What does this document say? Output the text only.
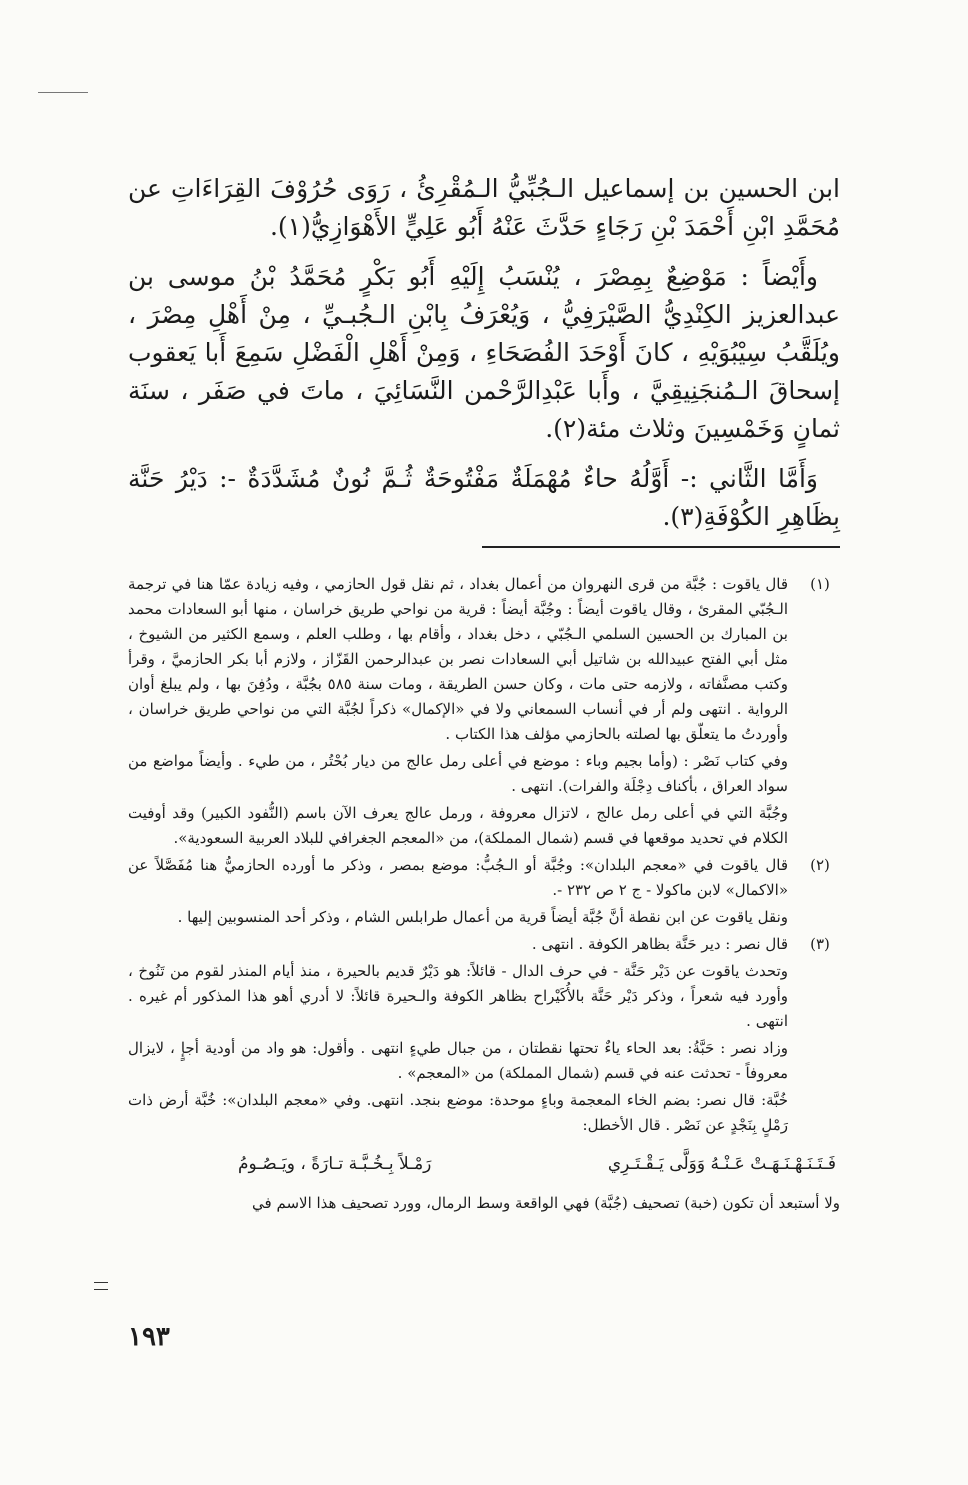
ابن الحسين بن إسماعيل الـجُبِّيُّ الـمُقْرِئُ ، رَوَى حُرُوْفَ القِرَاءَاتِ عن مُحَمَّدِ ابْنِ أَحْمَدَ بْنِ رَجَاءٍ حَدَّثَ عَنْهُ أَبُو عَلِيٍّ الأَهْوَازِيُّ(١).

وأَيْضاً : مَوْضِعٌ بِمِصْرَ ، يُنْسَبُ إِلَيْهِ أَبُو بَكْرٍ مُحَمَّدُ بْنُ موسى بن عبدالعزيز الكِنْدِيُّ الصَّيْرَفِيُّ ، وَيُعْرَفُ بِابْنِ الـجُبـيِّ ، مِنْ أَهْلِ مِصْرَ ، ويُلَقَّبُ سِيْبُوَيْهِ ، كانَ أَوْحَدَ الفُصَحَاءِ ، وَمِنْ أَهْلِ الْفَضْلِ سَمِعَ أَبا يَعقوب إسحاقَ الـمُنجَنِيقِيَّ ، وأَبا عَبْدِالرَّحْمن النَّسَائِيَ ، ماتَ في صَفَر ، سنَة ثمانٍ وَخَمْسِينَ وثلاث مئة(٢).

وَأَمَّا الثَّاني :- أَوَّلُهُ حاءٌ مُهْمَلَةٌ مَفْتُوحَةٌ ثُـمَّ نُونٌ مُشَدَّدَةٌ -: دَيْرُ حَنَّة بِظَاهِرِ الكُوْفَةِ(٣).

(١)

قال ياقوت : جُبَّة من قرى النهروان من أعمال بغداد ، ثم نقل قول الحازمي ، وفيه زيادة عمّا هنا في ترجمة الـجُبّي المقرئ ، وقال ياقوت أيضاً : وجُبَّة أيضاً : قرية من نواحي طريق خراسان ، منها أبو السعادات محمد بن المبارك بن الحسين السلمي الـجُبّي ، دخل بغداد ، وأقام بها ، وطلب العلم ، وسمع الكثير من الشيوخ ، مثل أبي الفتح عبيدالله بن شاتيل أبي السعادات نصر بن عبدالرحمن القَزّاز ، ولازم أبا بكر الحازميَّ ، وقرأ وكتب مصنَّفاته ، ولازمه حتى مات ، وكان حسن الطريقة ، ومات سنة ٥٨٥ بجُبَّة ، ودُفِنَ بها ، ولم يبلغ أوان الرواية . انتهى ولم أر في أنساب السمعاني ولا في «الإكمال» ذكراً لجُبَّة التي من نواحي طريق خراسان ، وأوردتُ ما يتعلّق بها لصلته بالحازمي مؤلف هذا الكتاب .

وفي كتاب نَصْر : (وأما بجيم وباء : موضع في أعلى رمل عالج من ديار بُحْتُر ، من طيء . وأيضاً مواضع من سواد العراق ، بأكناف دِجْلَة والفرات). انتهى .

وجُبَّة التي في أعلى رمل عالج ، لاتزال معروفة ، ورمل عالج يعرف الآن باسم (النُّفود الكبير) وقد أوفيت الكلام في تحديد موقعها في قسم (شمال المملكة)، من «المعجم الجغرافي للبلاد العربية السعودية».

(٢)

قال ياقوت في «معجم البلدان»: وجُبَّة أو الـجُبُّ: موضع بمصر ، وذكر ما أورده الحازميُّ هنا مُفَصَّلاً عن «الاكمال» لابن ماكولا - ج ٢ ص ٢٣٢ -.

ونقل ياقوت عن ابن نقطة أنَّ جُبَّة أيضاً قرية من أعمال طرابلس الشام ، وذكر أحد المنسوبين إليها .

(٣)

قال نصر : دير حَنَّة بظاهر الكوفة . انتهى .

وتحدث ياقوت عن دَيْر حَنَّة - في حرف الدال - قائلاً: هو دَيْرٌ قديم بالحيرة ، منذ أيام المنذر لقوم من تَنُوخ ، وأورد فيه شعراً ، وذكر دَيْر حَنَّة بالأُكَيْراح بظاهر الكوفة والـحيرة قائلاً: لا أدري أهو هذا المذكور أم غيره . انتهى .

وزاد نصر : حَبَّةُ: بعد الحاء ياءٌ تحتها نقطتان ، من جبال طيءٍ انتهى . وأقول: هو واد من أودية أجإٍ ، لايزال معروفاً - تحدثت عنه في قسم (شمال المملكة) من «المعجم» .

خُبَّة: قال نصر: بضم الخاء المعجمة وباءٍ موحدة: موضع بنجد. انتهى. وفي «معجم البلدان»: خُبَّة أرض ذات رَمْلٍ بِنَجْدٍ عن نَصْر . قال الأخطل:

فَـتَـنَـهْـنَـهَـتْ عَـنْـهُ وَوَلَّى يَـقْـتَـرِي
رَمْـلاً بِـخُـبَّـة تـارَةً ، ويَـصُـومُ

ولا أستبعد أن تكون (خبة) تصحيف (جُبَّة) فهي الواقعة وسط الرمال، وورد تصحيف هذا الاسم في

١٩٣
